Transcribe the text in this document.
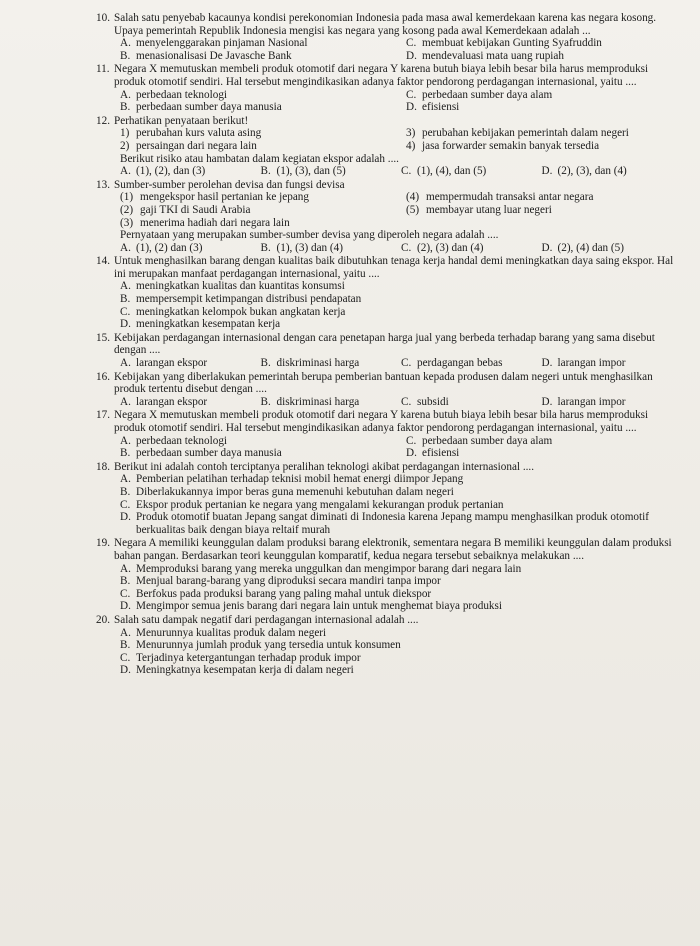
10. Salah satu penyebab kacaunya kondisi perekonomian Indonesia pada masa awal kemerdekaan karena kas negara kosong. Upaya pemerintah Republik Indonesia mengisi kas negara yang kosong pada awal Kemerdekaan adalah ...
A. menyelenggarakan pinjaman Nasional	C. membuat kebijakan Gunting Syafruddin
B. menasionalisasi De Javasche Bank	D. mendevaluasi mata uang rupiah
11. Negara X memutuskan membeli produk otomotif dari negara Y karena butuh biaya lebih besar bila harus memproduksi produk otomotif sendiri. Hal tersebut mengindikasikan adanya faktor pendorong perdagangan internasional, yaitu ....
A. perbedaan teknologi	C. perbedaan sumber daya alam
B. perbedaan sumber daya manusia	D. efisiensi
12. Perhatikan penyataan berikut!
1) perubahan kurs valuta asing	3) perubahan kebijakan pemerintah dalam negeri
2) persaingan dari negara lain	4) jasa forwarder semakin banyak tersedia
Berikut risiko atau hambatan dalam kegiatan ekspor adalah ....
A. (1), (2), dan (3)	B. (1), (3), dan (5)	C. (1), (4), dan (5)	D. (2), (3), dan (4)
13. Sumber-sumber perolehan devisa dan fungsi devisa
(1) mengekspor hasil pertanian ke jepang	(4) mempermudah transaksi antar negara
(2) gaji TKI di Saudi Arabia	(5) membayar utang luar negeri
(3) menerima hadiah dari negara lain
Pernyataan yang merupakan sumber-sumber devisa yang diperoleh negara adalah ....
A. (1), (2) dan (3)	B. (1), (3) dan (4)	C. (2), (3) dan (4)	D. (2), (4) dan (5)
14. Untuk menghasilkan barang dengan kualitas baik dibutuhkan tenaga kerja handal demi meningkatkan daya saing ekspor. Hal ini merupakan manfaat perdagangan internasional, yaitu ....
A. meningkatkan kualitas dan kuantitas konsumsi
B. mempersempit ketimpangan distribusi pendapatan
C. meningkatkan kelompok bukan angkatan kerja
D. meningkatkan kesempatan kerja
15. Kebijakan perdagangan internasional dengan cara penetapan harga jual yang berbeda terhadap barang yang sama disebut dengan ....
A. larangan ekspor	B. diskriminasi harga	C. perdagangan bebas	D. larangan impor
16. Kebijakan yang diberlakukan pemerintah berupa pemberian bantuan kepada produsen dalam negeri untuk menghasilkan produk tertentu disebut dengan ....
A. larangan ekspor	B. diskriminasi harga	C. subsidi	D. larangan impor
17. Negara X memutuskan membeli produk otomotif dari negara Y karena butuh biaya lebih besar bila harus memproduksi produk otomotif sendiri. Hal tersebut mengindikasikan adanya faktor pendorong perdagangan internasional, yaitu ....
A. perbedaan teknologi	C. perbedaan sumber daya alam
B. perbedaan sumber daya manusia	D. efisiensi
18. Berikut ini adalah contoh terciptanya peralihan teknologi akibat perdagangan internasional ....
A. Pemberian pelatihan terhadap teknisi mobil hemat energi diimpor Jepang
B. Diberlakukannya impor beras guna memenuhi kebutuhan dalam negeri
C. Ekspor produk pertanian ke negara yang mengalami kekurangan produk pertanian
D. Produk otomotif buatan Jepang sangat diminati di Indonesia karena Jepang mampu menghasilkan produk otomotif berkualitas baik dengan biaya reltaif murah
19. Negara A memiliki keunggulan dalam produksi barang elektronik, sementara negara B memiliki keunggulan dalam produksi bahan pangan. Berdasarkan teori keunggulan komparatif, kedua negara tersebut sebaiknya melakukan ....
A. Memproduksi barang yang mereka unggulkan dan mengimpor barang dari negara lain
B. Menjual barang-barang yang diproduksi secara mandiri tanpa impor
C. Berfokus pada produksi barang yang paling mahal untuk diekspor
D. Mengimpor semua jenis barang dari negara lain untuk menghemat biaya produksi
20. Salah satu dampak negatif dari perdagangan internasional adalah ....
A. Menurunnya kualitas produk dalam negeri
B. Menurunnya jumlah produk yang tersedia untuk konsumen
C. Terjadinya ketergantungan terhadap produk impor
D. Meningkatnya kesempatan kerja di dalam negeri
